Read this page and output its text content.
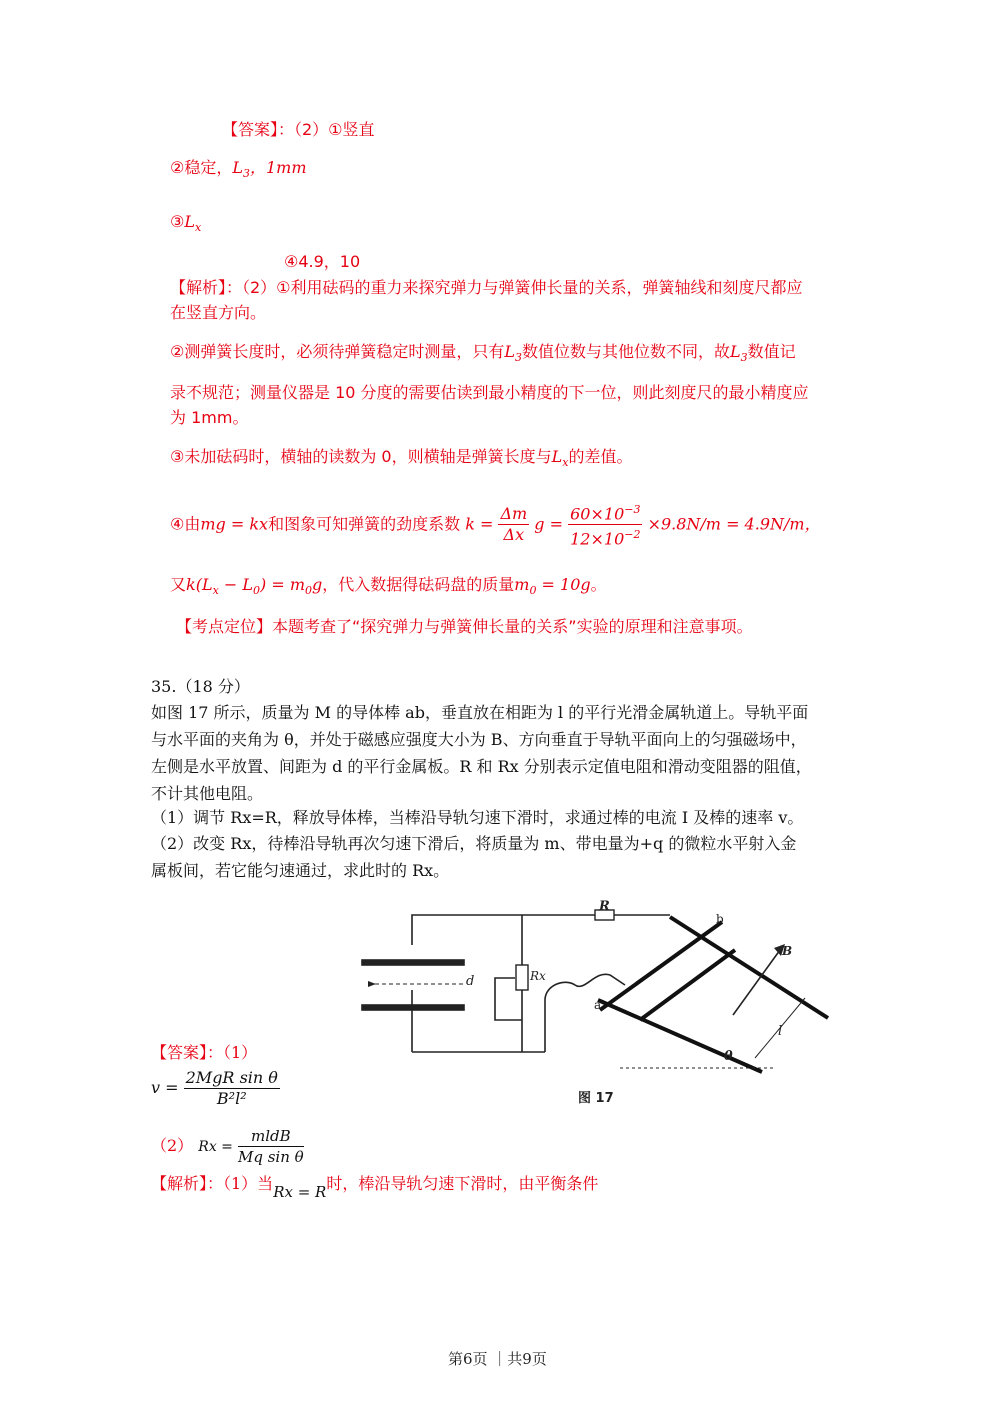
【答案】：（2）①竖直
②稳定，$L_3$，1mm
$③L_x$
④4.9，10
【解析】：（2）①利用砝码的重力来探究弹力与弹簧伸长量的关系，弹簧轴线和刻度尺都应
在竖直方向。
②测弹簧长度时，必须待弹簧稳定时测量，只有$L_3$数值位数与其他位数不同，故$L_3$数值记
录不规范；测量仪器是 10 分度的需要估读到最小精度的下一位，则此刻度尺的最小精度应
为 1mm。
③未加砝码时，横轴的读数为 0，则横轴是弹簧长度与$L_x$的差值。
④由mg = kx和图象可知弹簧的劲度系数 $k = \frac{\Delta m}{\Delta x}$ $g = \frac{60\times 10^{-3}}{12\times 10^{-2}} \times 9.8N/m = 4.9N/m$，
又$k(L_x - L_0) = m_0g$，代入数据得砝码盘的质量$m_0 = 10g$。
【考点定位】本题考查了“探究弹力与弹簧伸长量的关系”实验的原理和注意事项。
35.（18 分）
如图 17 所示，质量为 M 的导体棒 ab，垂直放在相距为 l 的平行光滑金属轨道上。导轨平面
与水平面的夹角为 θ，并处于磁感应强度大小为 B、方向垂直于导轨平面向上的匀强磁场中，
左侧是水平放置、间距为 d 的平行金属板。R 和 Rx 分别表示定值电阻和滑动变阻器的阻值，
不计其他电阻。
（1）调节 Rx=R，释放导体棒，当棒沿导轨匀速下滑时，求通过棒的电流 I 及棒的速率 v。
（2）改变 Rx，待棒沿导轨再次匀速下滑后，将质量为 m、带电量为+q 的微粒水平射入金
属板间，若它能匀速通过，求此时的 Rx。
R
Rx
d
a
b
B
l
θ
图 17
【答案】：（1）
$v = \frac{\text{2MgR sin θ}}{\text{B²l²}}$
（2） $Rx = \frac{\text{mldB}}{\text{Mq sin θ}}$
【解析】：（1）当Rx = R时，棒沿导轨匀速下滑时，由平衡条件
第6页 ｜共9页
